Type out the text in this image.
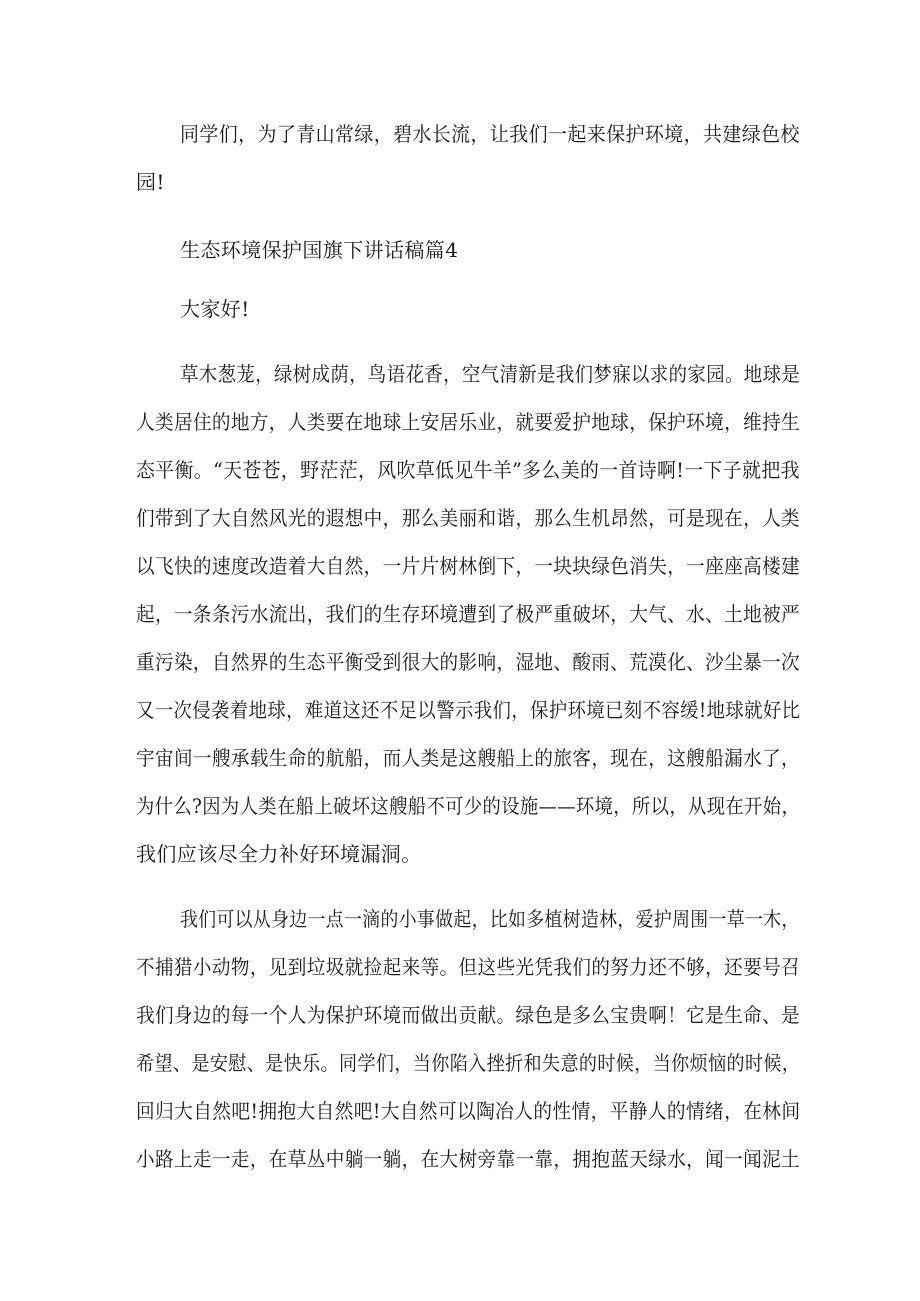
同学们，为了青山常绿，碧水长流，让我们一起来保护环境，共建绿色校
园!
生态环境保护国旗下讲话稿篇4
大家好!
草木葱茏，绿树成荫，鸟语花香，空气清新是我们梦寐以求的家园。地球是
人类居住的地方，人类要在地球上安居乐业，就要爱护地球，保护环境，维持生
态平衡。“天苍苍，野茫茫，风吹草低见牛羊”多么美的一首诗啊!一下子就把我
们带到了大自然风光的遐想中，那么美丽和谐，那么生机昂然，可是现在，人类
以飞快的速度改造着大自然，一片片树林倒下，一块块绿色消失，一座座高楼建
起，一条条污水流出，我们的生存环境遭到了极严重破坏，大气、水、土地被严
重污染，自然界的生态平衡受到很大的影响，湿地、酸雨、荒漠化、沙尘暴一次
又一次侵袭着地球，难道这还不足以警示我们，保护环境已刻不容缓!地球就好比
宇宙间一艘承载生命的航船，而人类是这艘船上的旅客，现在，这艘船漏水了，
为什么?因为人类在船上破坏这艘船不可少的设施——环境，所以，从现在开始，
我们应该尽全力补好环境漏洞。
我们可以从身边一点一滴的小事做起，比如多植树造林，爱护周围一草一木，
不捕猎小动物，见到垃圾就捡起来等。但这些光凭我们的努力还不够，还要号召
我们身边的每一个人为保护环境而做出贡献。绿色是多么宝贵啊！它是生命、是
希望、是安慰、是快乐。同学们，当你陷入挫折和失意的时候，当你烦恼的时候，
回归大自然吧!拥抱大自然吧!大自然可以陶冶人的性情，平静人的情绪，在林间
小路上走一走，在草丛中躺一躺，在大树旁靠一靠，拥抱蓝天绿水，闻一闻泥土
